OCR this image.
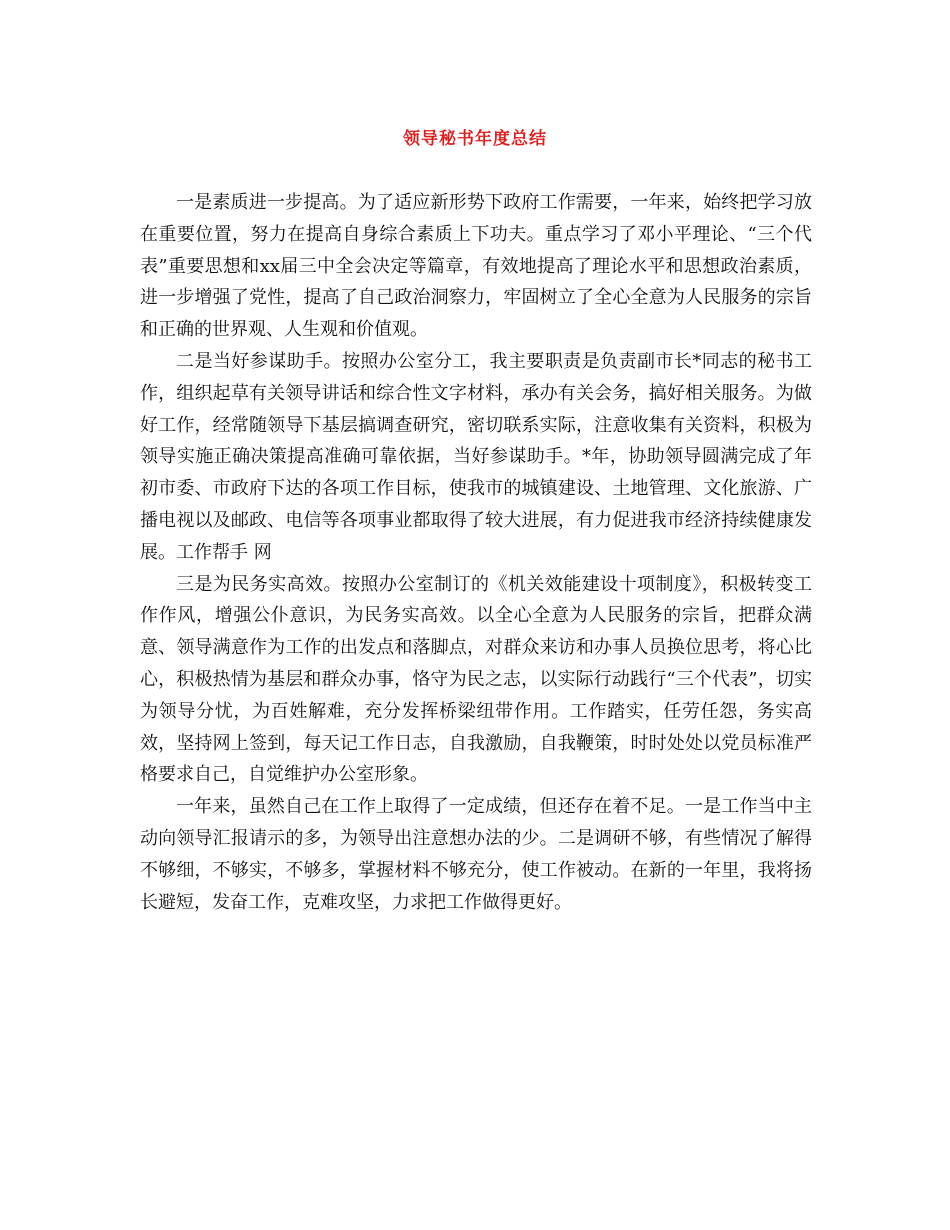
领导秘书年度总结

一是素质进一步提高。为了适应新形势下政府工作需要，一年来，始终把学习放在重要位置，努力在提高自身综合素质上下功夫。重点学习了邓小平理论、“三个代表”重要思想和xx届三中全会决定等篇章，有效地提高了理论水平和思想政治素质，进一步增强了党性，提高了自己政治洞察力，牢固树立了全心全意为人民服务的宗旨和正确的世界观、人生观和价值观。

二是当好参谋助手。按照办公室分工，我主要职责是负责副市长*同志的秘书工作，组织起草有关领导讲话和综合性文字材料，承办有关会务，搞好相关服务。为做好工作，经常随领导下基层搞调查研究，密切联系实际，注意收集有关资料，积极为领导实施正确决策提高准确可靠依据，当好参谋助手。*年，协助领导圆满完成了年初市委、市政府下达的各项工作目标，使我市的城镇建设、土地管理、文化旅游、广播电视以及邮政、电信等各项事业都取得了较大进展，有力促进我市经济持续健康发展。工作帮手 网

三是为民务实高效。按照办公室制订的《机关效能建设十项制度》，积极转变工作作风，增强公仆意识，为民务实高效。以全心全意为人民服务的宗旨，把群众满意、领导满意作为工作的出发点和落脚点，对群众来访和办事人员换位思考，将心比心，积极热情为基层和群众办事，恪守为民之志，以实际行动践行“三个代表”，切实为领导分忧，为百姓解难，充分发挥桥梁纽带作用。工作踏实，任劳任怨，务实高效，坚持网上签到，每天记工作日志，自我激励，自我鞭策，时时处处以党员标准严格要求自己，自觉维护办公室形象。

一年来，虽然自己在工作上取得了一定成绩，但还存在着不足。一是工作当中主动向领导汇报请示的多，为领导出注意想办法的少。二是调研不够，有些情况了解得不够细，不够实，不够多，掌握材料不够充分，使工作被动。在新的一年里，我将扬长避短，发奋工作，克难攻坚，力求把工作做得更好。
